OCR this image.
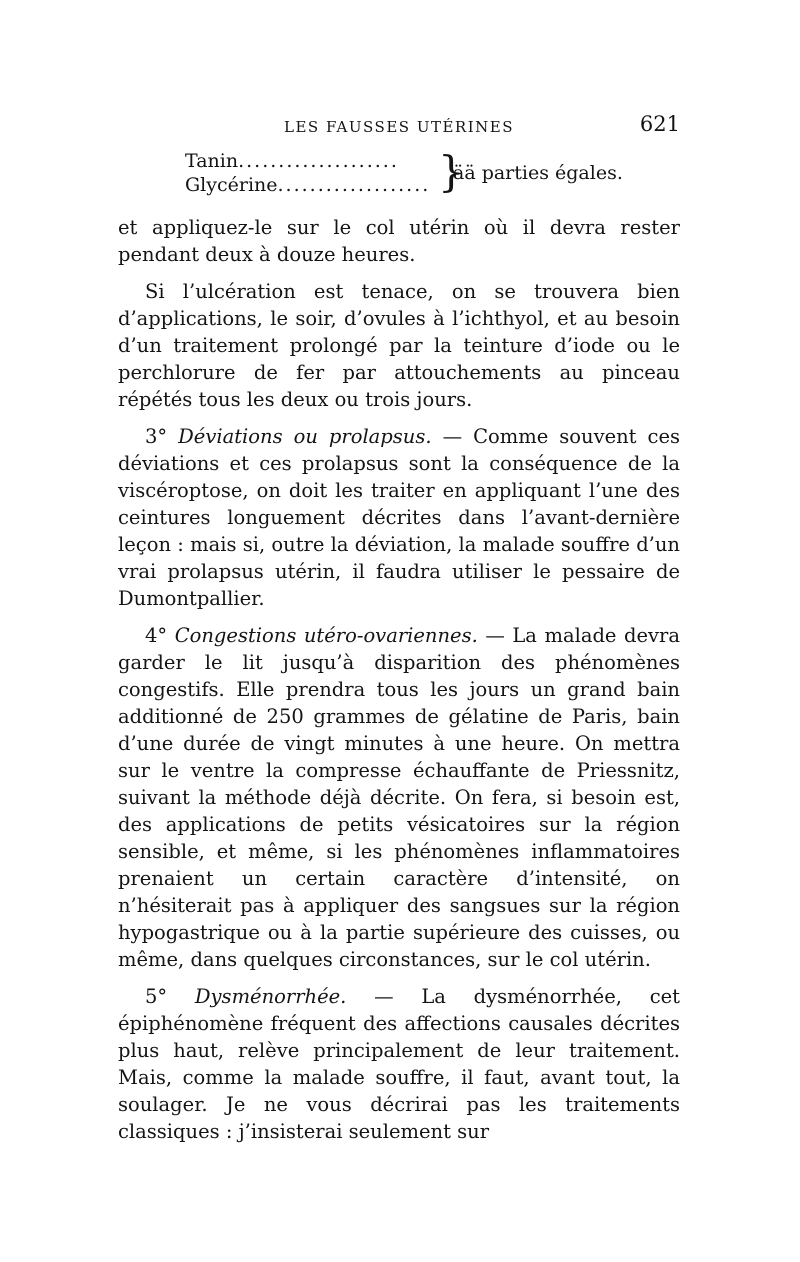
LES FAUSSES UTÉRINES	621
Tanin....................
Glycérine................... }
ää parties égales.

et appliquez-le sur le col utérin où il devra rester pendant deux à douze heures.

Si l’ulcération est tenace, on se trouvera bien d’applications, le soir, d’ovules à l’ichthyol, et au besoin d’un traitement prolongé par la teinture d’iode ou le perchlorure de fer par attouchements au pinceau répétés tous les deux ou trois jours.

3° Déviations ou prolapsus. — Comme souvent ces déviations et ces prolapsus sont la conséquence de la viscéroptose, on doit les traiter en appliquant l’une des ceintures longuement décrites dans l’avant-dernière leçon : mais si, outre la déviation, la malade souffre d’un vrai prolapsus utérin, il faudra utiliser le pessaire de Dumontpallier.

4° Congestions utéro-ovariennes. — La malade devra garder le lit jusqu’à disparition des phénomènes congestifs. Elle prendra tous les jours un grand bain additionné de 250 grammes de gélatine de Paris, bain d’une durée de vingt minutes à une heure. On mettra sur le ventre la compresse échauffante de Priessnitz, suivant la méthode déjà décrite. On fera, si besoin est, des applications de petits vésicatoires sur la région sensible, et même, si les phénomènes inflammatoires prenaient un certain caractère d’intensité, on n’hésiterait pas à appliquer des sangsues sur la région hypogastrique ou à la partie supérieure des cuisses, ou même, dans quelques circonstances, sur le col utérin.

5° Dysménorrhée. — La dysménorrhée, cet épiphénomène fréquent des affections causales décrites plus haut, relève principalement de leur traitement. Mais, comme la malade souffre, il faut, avant tout, la soulager. Je ne vous décrirai pas les traitements classiques : j’insisterai seulement sur
